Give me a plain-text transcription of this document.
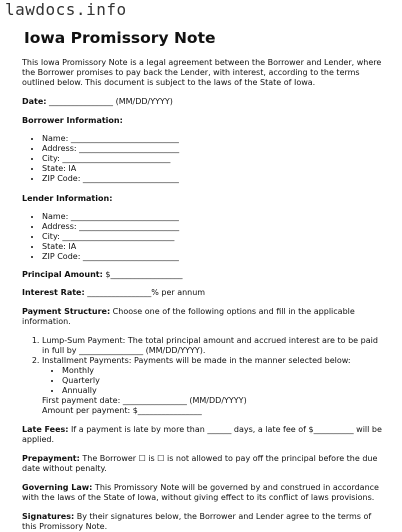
lawdocs.info
Iowa Promissory Note

This Iowa Promissory Note is a legal agreement between the Borrower and Lender, where the Borrower promises to pay back the Lender, with interest, according to the terms outlined below. This document is subject to the laws of the State of Iowa.

Date: ________________ (MM/DD/YYYY)

Borrower Information:

• Name: ___________________________
• Address: _________________________
• City: ___________________________
• State: IA
• ZIP Code: ________________________

Lender Information:

• Name: ___________________________
• Address: _________________________
• City: ____________________________
• State: IA
• ZIP Code: ________________________

Principal Amount: $__________________

Interest Rate: ________________% per annum

Payment Structure: Choose one of the following options and fill in the applicable information.

1. Lump-Sum Payment: The total principal amount and accrued interest are to be paid in full by ________________ (MM/DD/YYYY).
2. Installment Payments: Payments will be made in the manner selected below:
• Monthly
• Quarterly
• Annually
First payment date: ________________ (MM/DD/YYYY)
Amount per payment: $________________

Late Fees: If a payment is late by more than ______ days, a late fee of $__________ will be applied.

Prepayment: The Borrower ☐ is ☐ is not allowed to pay off the principal before the due date without penalty.

Governing Law: This Promissory Note will be governed by and construed in accordance with the laws of the State of Iowa, without giving effect to its conflict of laws provisions.

Signatures: By their signatures below, the Borrower and Lender agree to the terms of this Promissory Note.
